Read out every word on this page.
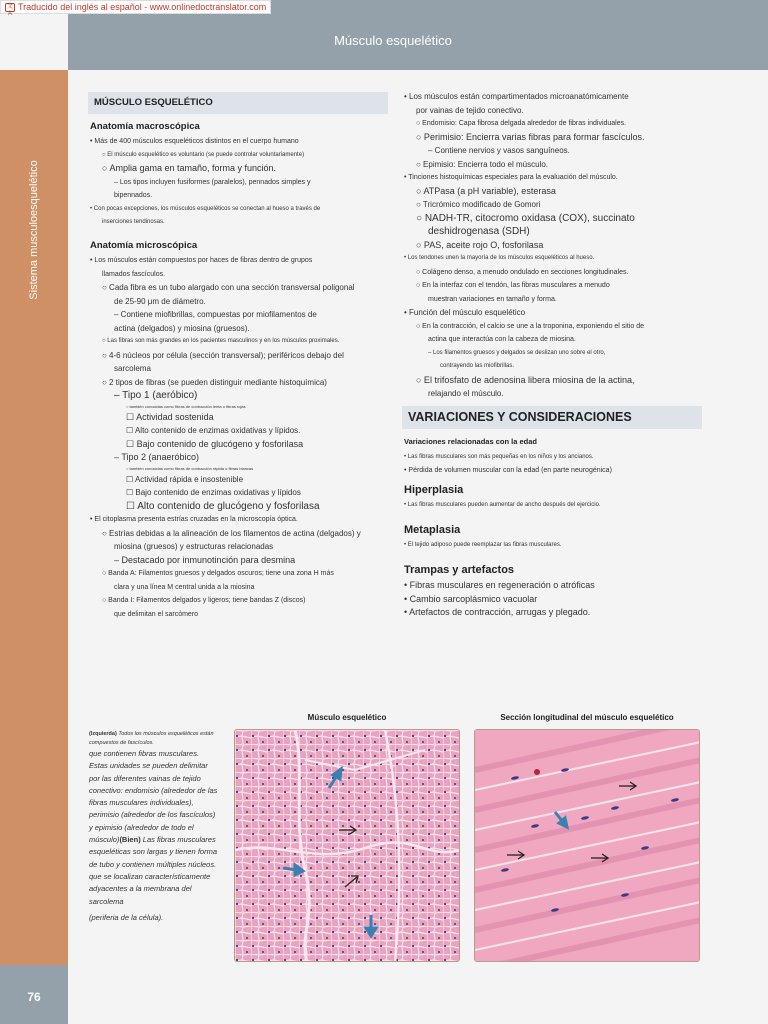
文A
Traducido del inglés al español - www.onlinedoctranslator.com
Sistema musculoesquelético
76
Músculo esquelético
MÚSCULO ESQUELÉTICO
Anatomía macroscópica
• Más de 400 músculos esqueléticos distintos en el cuerpo humano
○ El músculo esquelético es voluntario (se puede controlar voluntariamente)
○ Amplia gama en tamaño, forma y función.
– Los tipos incluyen fusiformes (paralelos), pennados simples y
bipennados.
• Con pocas excepciones, los músculos esqueléticos se conectan al hueso a través de
inserciones tendinosas.
Anatomía microscópica
• Los músculos están compuestos por haces de fibras dentro de grupos
llamados fascículos.
○ Cada fibra es un tubo alargado con una sección transversal poligonal
de 25-90 μm de diámetro.
– Contiene miofibrillas, compuestas por miofilamentos de
actina (delgados) y miosina (gruesos).
○ Las fibras son más grandes en los pacientes masculinos y en los músculos proximales.
○ 4-6 núcleos por célula (sección transversal); periféricos debajo del
sarcolema
○ 2 tipos de fibras (se pueden distinguir mediante histoquímica)
– Tipo 1 (aeróbico)
○ también conocidas como fibras de contracción lenta o fibras rojas
☐ Actividad sostenida
☐ Alto contenido de enzimas oxidativas y lípidos.
☐ Bajo contenido de glucógeno y fosforilasa
– Tipo 2 (anaeróbico)
○ también conocidas como fibras de contracción rápida o fibras blancas
☐ Actividad rápida e insostenible
☐ Bajo contenido de enzimas oxidativas y lípidos
☐ Alto contenido de glucógeno y fosforilasa
• El citoplasma presenta estrías cruzadas en la microscopía óptica.
○ Estrías debidas a la alineación de los filamentos de actina (delgados) y
miosina (gruesos) y estructuras relacionadas
– Destacado por inmunotinción para desmina
○ Banda A: Filamentos gruesos y delgados oscuros; tiene una zona H más
clara y una línea M central unida a la miosina
○ Banda I: Filamentos delgados y ligeros; tiene bandas Z (discos)
que delimitan el sarcómero
• Los músculos están compartimentados microanatómicamente
por vainas de tejido conectivo.
○ Endomisio: Capa fibrosa delgada alrededor de fibras individuales.
○ Perimisio: Encierra varias fibras para formar fascículos.
– Contiene nervios y vasos sanguíneos.
○ Epimisio: Encierra todo el músculo.
• Tinciones histoquímicas especiales para la evaluación del músculo.
○ ATPasa (a pH variable), esterasa
○ Tricrómico modificado de Gomori
○ NADH-TR, citocromo oxidasa (COX), succinato
deshidrogenasa (SDH)
○ PAS, aceite rojo O, fosforilasa
• Los tendones unen la mayoría de los músculos esqueléticos al hueso.
○ Colágeno denso, a menudo ondulado en secciones longitudinales.
○ En la interfaz con el tendón, las fibras musculares a menudo
muestran variaciones en tamaño y forma.
• Función del músculo esquelético
○ En la contracción, el calcio se une a la troponina, exponiendo el sitio de
actina que interactúa con la cabeza de miosina.
– Los filamentos gruesos y delgados se deslizan uno sobre el otro,
contrayendo las miofibrillas.
○ El trifosfato de adenosina libera miosina de la actina,
relajando el músculo.
VARIACIONES Y CONSIDERACIONES
Variaciones relacionadas con la edad
• Las fibras musculares son más pequeñas en los niños y los ancianos.
• Pérdida de volumen muscular con la edad (en parte neurogénica)
Hiperplasia
• Las fibras musculares pueden aumentar de ancho después del ejercicio.
Metaplasia
• El tejido adiposo puede reemplazar las fibras musculares.
Trampas y artefactos
• Fibras musculares en regeneración o atróficas
• Cambio sarcoplásmico vacuolar
• Artefactos de contracción, arrugas y plegado.
Músculo esquelético	Sección longitudinal del músculo esquelético
(Izquierda) Todos los músculos esqueléticos están compuestos de fascículos.
que contienen fibras musculares.
Estas unidades se pueden delimitar
por las diferentes vainas de tejido
conectivo: endomisio (alrededor de las
fibras musculares individuales),
perimisio (alrededor de los fascículos)
y epimisio (alrededor de todo el
músculo)(Bien) Las fibras musculares
esqueléticas son largas y tienen forma
de tubo y contienen múltiples núcleos.
que se localizan característicamente
adyacentes a la membrana del
sarcolema
(periferia de la célula).
